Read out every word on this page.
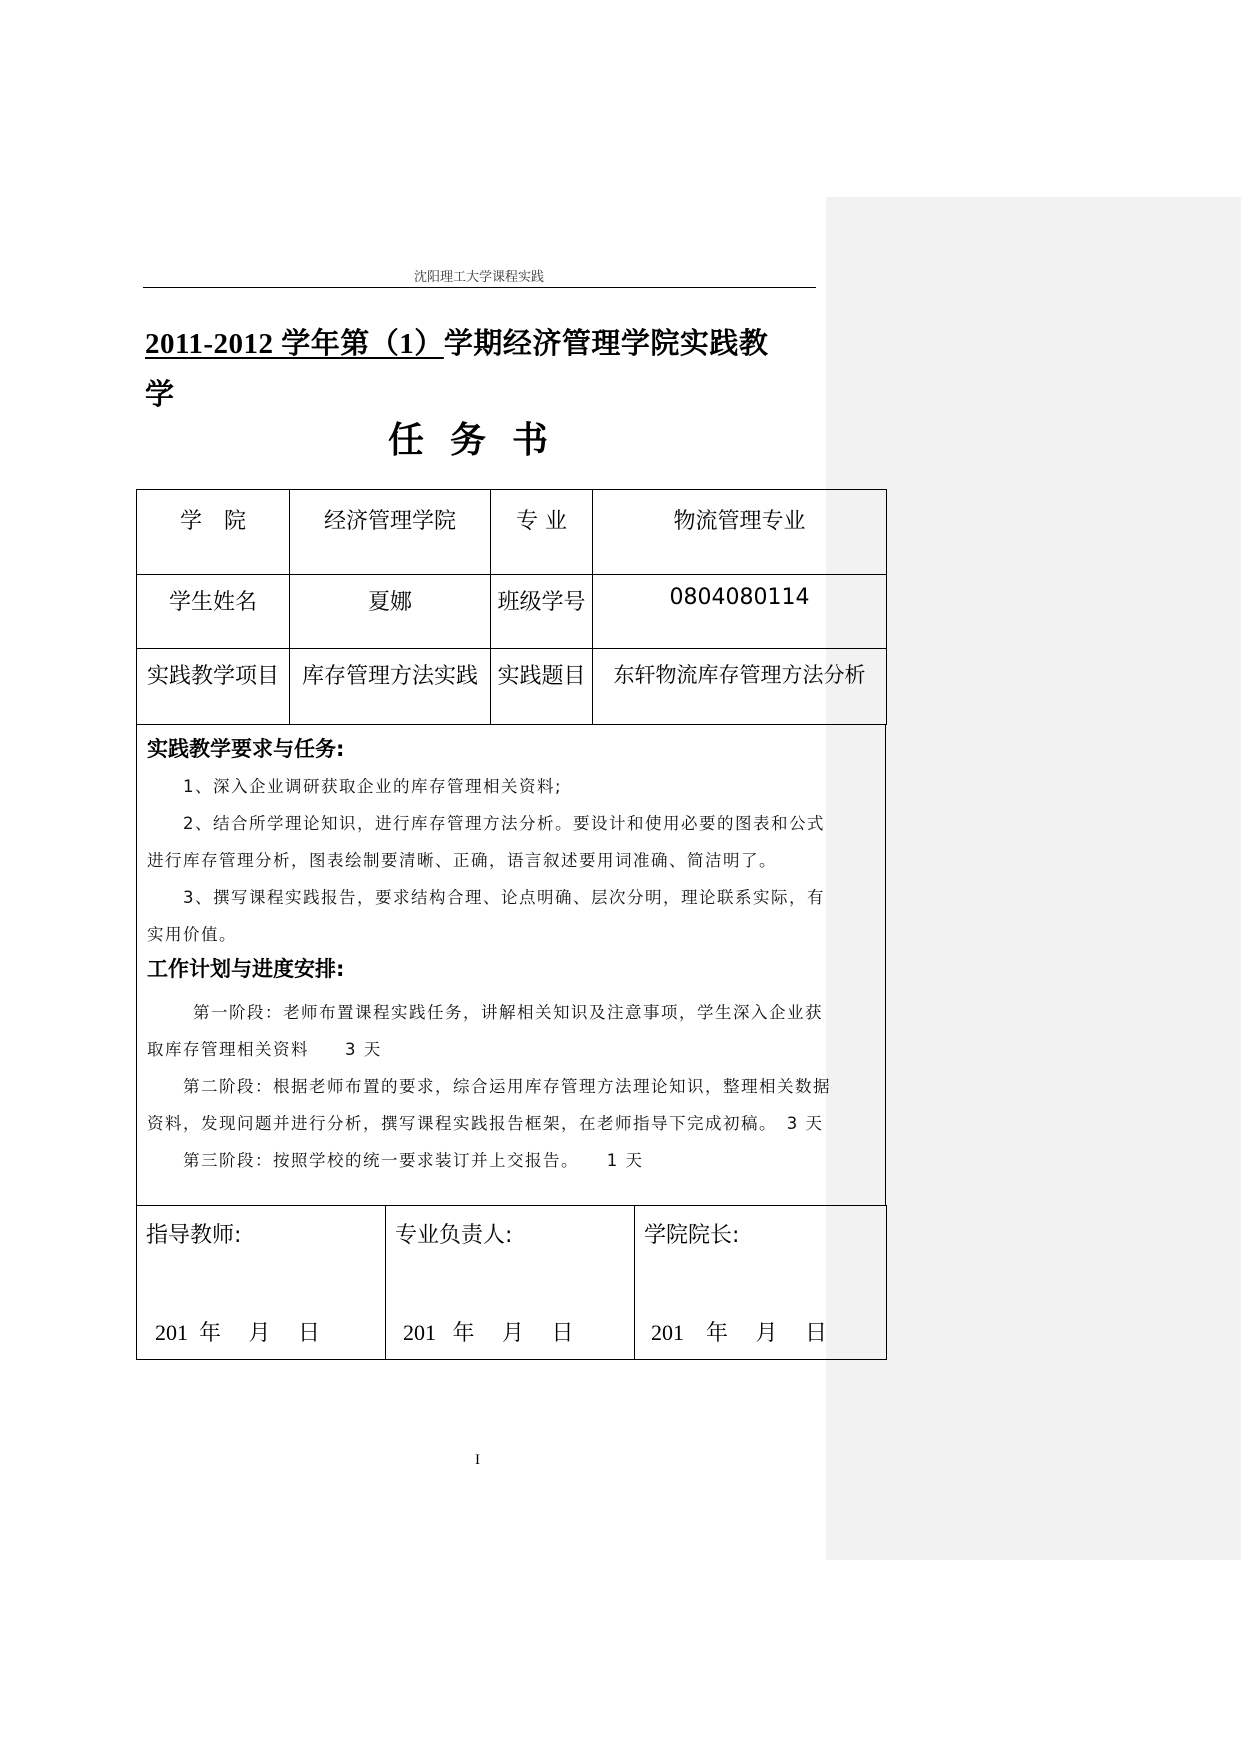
沈阳理工大学课程实践
2011-2012 学年第（1）学期经济管理学院实践教
学
任务书
学　院	经济管理学院	专 业	物流管理专业
学生姓名	夏娜	班级学号	0804080114
实践教学项目	库存管理方法实践	实践题目	东轩物流库存管理方法分析
实践教学要求与任务:

1、深入企业调研获取企业的库存管理相关资料;

2、结合所学理论知识，进行库存管理方法分析。要设计和使用必要的图表和公式

进行库存管理分析，图表绘制要清晰、正确，语言叙述要用词准确、简洁明了。

3、撰写课程实践报告，要求结构合理、论点明确、层次分明，理论联系实际，有

实用价值。

工作计划与进度安排:

第一阶段：老师布置课程实践任务，讲解相关知识及注意事项，学生深入企业获

取库存管理相关资料　　3 天

第二阶段：根据老师布置的要求，综合运用库存管理方法理论知识，整理相关数据

资料，发现问题并进行分析，撰写课程实践报告框架，在老师指导下完成初稿。　3 天

第三阶段：按照学校的统一要求装订并上交报告。　　1 天

指导教师:
201  年     月     日

专业负责人:
201   年     月     日

学院院长:
201    年     月     日
I
